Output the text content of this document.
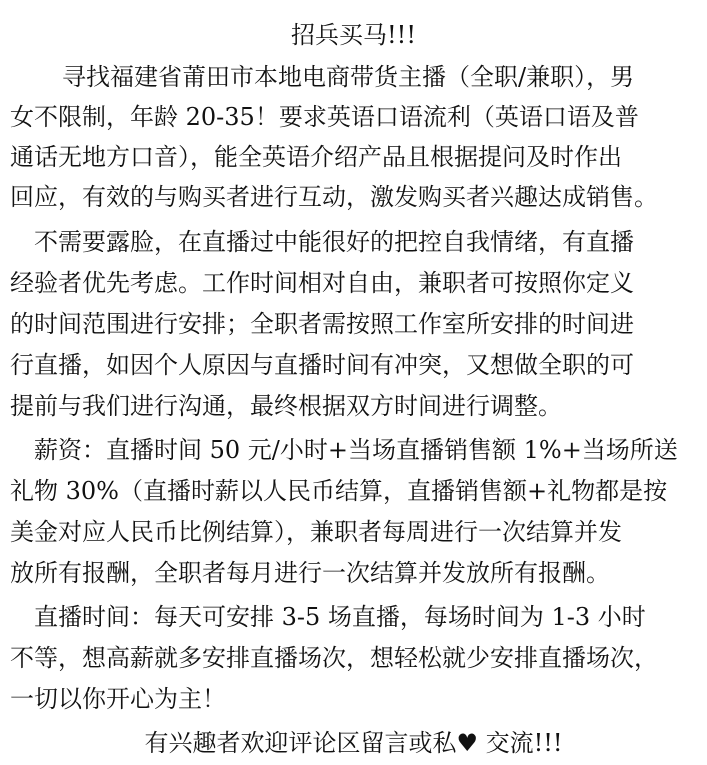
招兵买马!!!
寻找福建省莆田市本地电商带货主播（全职/兼职），男
女不限制，年龄 20-35！要求英语口语流利（英语口语及普
通话无地方口音），能全英语介绍产品且根据提问及时作出
回应，有效的与购买者进行互动，激发购买者兴趣达成销售。
不需要露脸，在直播过中能很好的把控自我情绪，有直播
经验者优先考虑。工作时间相对自由，兼职者可按照你定义
的时间范围进行安排；全职者需按照工作室所安排的时间进
行直播，如因个人原因与直播时间有冲突，又想做全职的可
提前与我们进行沟通，最终根据双方时间进行调整。
薪资：直播时间 50 元/小时+当场直播销售额 1%+当场所送
礼物 30%（直播时薪以人民币结算，直播销售额+礼物都是按
美金对应人民币比例结算），兼职者每周进行一次结算并发
放所有报酬，全职者每月进行一次结算并发放所有报酬。
直播时间：每天可安排 3-5 场直播，每场时间为 1-3 小时
不等，想高薪就多安排直播场次，想轻松就少安排直播场次，
一切以你开心为主！
有兴趣者欢迎评论区留言或私♥ 交流!!!
